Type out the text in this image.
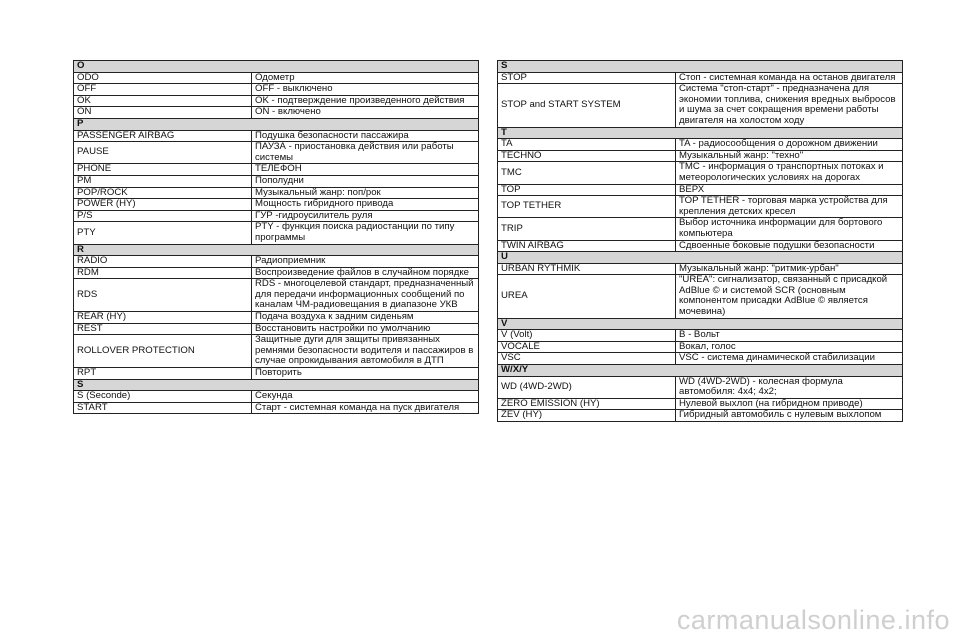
O	
ODO	Одометр
OFF	OFF - выключено
OK	OK - подтверждение произведенного действия
ON	ON - включено
P	
PASSENGER AIRBAG	Подушка безопасности пассажира
PAUSE	ПАУЗА - приостановка действия или работы системы
PHONE	ТЕЛЕФОН
PM	Пополудни
POP/ROCK	Музыкальный жанр: поп/рок
POWER (HY)	Мощность гибридного привода
P/S	ГУР -гидроусилитель руля
PTY	PTY - функция поиска радиостанции по типу программы
R	
RADIO	Радиоприемник
RDM	Воспроизведение файлов в случайном порядке
RDS	RDS - многоцелевой стандарт, предназначенный для передачи информационных сообщений по каналам ЧМ-радиовещания в диапазоне УКВ
REAR (HY)	Подача воздуха к задним сиденьям
REST	Восстановить настройки по умолчанию
ROLLOVER PROTECTION	Защитные дуги для защиты привязанных ремнями безопасности водителя и пассажиров в случае опрокидывания автомобиля в ДТП
RPT	Повторить
S	
S (Seconde)	Секунда
START	Старт - системная команда на пуск двигателя
S	
STOP	Стоп - системная команда на останов двигателя
STOP and START SYSTEM	Система "стоп-старт" - предназначена для экономии топлива, снижения вредных выбросов и шума за счет сокращения времени работы двигателя на холостом ходу
T	
TA	TA - радиосообщения о дорожном движении
TECHNO	Музыкальный жанр: "техно"
TMC	TMC - информация о транспортных потоках и метеорологических условиях на дорогах
TOP	ВЕРХ
TOP TETHER	TOP TETHER - торговая марка устройства для крепления детских кресел
TRIP	Выбор источника информации для бортового компьютера
TWIN AIRBAG	Сдвоенные боковые подушки безопасности
U	
URBAN RYTHMIK	Музыкальный жанр: "ритмик-урбан"
UREA	"UREA": сигнализатор, связанный с присадкой AdBlue © и системой SCR (основным компонентом присадки AdBlue © является мочевина)
V	
V (Volt)	В - Вольт
VOCALE	Вокал, голос
VSC	VSC - система динамической стабилизации
W/X/Y	
WD (4WD-2WD)	WD (4WD-2WD) - колесная формула автомобиля: 4x4; 4x2;
ZERO EMISSION (HY)	Нулевой выхлоп (на гибридном приводе)
ZEV (HY)	Гибридный автомобиль с нулевым выхлопом
carmanualsonline.info
